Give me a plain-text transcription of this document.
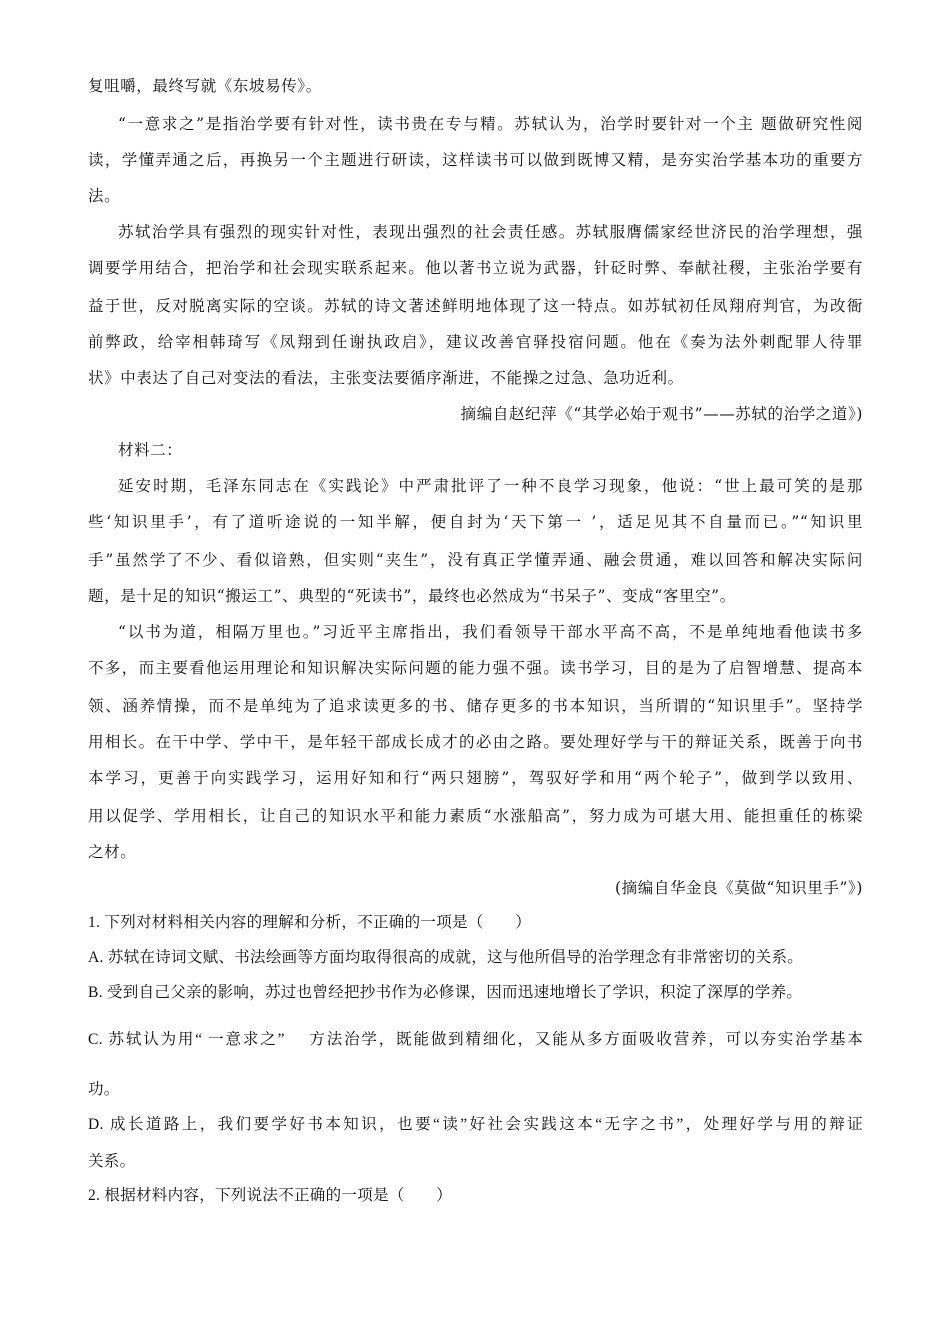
复咀嚼，最终写就《东坡易传》。
“一意求之”是指治学要有针对性，读书贵在专与精。苏轼认为，治学时要针对一个主 题做研究性阅
读，学懂弄通之后，再换另一个主题进行研读，这样读书可以做到既博又精，是夯实治学基本功的重要方
法。
苏轼治学具有强烈的现实针对性，表现出强烈的社会责任感。苏轼服膺儒家经世济民的治学理想，强
调要学用结合，把治学和社会现实联系起来。他以著书立说为武器，针砭时弊、奉献社稷，主张治学要有
益于世，反对脱离实际的空谈。苏轼的诗文著述鲜明地体现了这一特点。如苏轼初任凤翔府判官，为改衙
前弊政，给宰相韩琦写《凤翔到任谢执政启》，建议改善官驿投宿问题。他在《奏为法外刺配罪人待罪
状》中表达了自己对变法的看法，主张变法要循序渐进，不能操之过急、急功近利。
摘编自赵纪萍《“其学必始于观书”——苏轼的治学之道》)
材料二：
延安时期，毛泽东同志在《实践论》中严肃批评了一种不良学习现象，他说：“世上最可笑的是那
些‘知识里手’，有了道听途说的一知半解，便自封为‘天下第一 ’，适足见其不自量而已。”“知识里
手”虽然学了不少、看似谙熟，但实则“夹生”，没有真正学懂弄通、融会贯通，难以回答和解决实际问
题，是十足的知识“搬运工”、典型的“死读书”，最终也必然成为“书呆子”、变成“客里空”。
“以书为道，相隔万里也。”习近平主席指出，我们看领导干部水平高不高，不是单纯地看他读书多
不多，而主要看他运用理论和知识解决实际问题的能力强不强。读书学习，目的是为了启智增慧、提高本
领、涵养情操，而不是单纯为了追求读更多的书、储存更多的书本知识，当所谓的“知识里手”。坚持学
用相长。在干中学、学中干，是年轻干部成长成才的必由之路。要处理好学与干的辩证关系，既善于向书
本学习，更善于向实践学习，运用好知和行“两只翅膀”，驾驭好学和用“两个轮子”，做到学以致用、
用以促学、学用相长，让自己的知识水平和能力素质“水涨船高”，努力成为可堪大用、能担重任的栋梁
之材。
(摘编自华金良《莫做“知识里手”》)
1. 下列对材料相关内容的理解和分析，不正确的一项是（　　）
A. 苏轼在诗词文赋、书法绘画等方面均取得很高的成就，这与他所倡导的治学理念有非常密切的关系。
B. 受到自己父亲的影响，苏过也曾经把抄书作为必修课，因而迅速地增长了学识，积淀了深厚的学养。
C. 苏轼认为用“ 一意求之”　 方法治学，既能做到精细化，又能从多方面吸收营养，可以夯实治学基本
功。
D. 成长道路上，我们要学好书本知识，也要“读”好社会实践这本“无字之书”，处理好学与用的辩证
关系。
2. 根据材料内容，下列说法不正确的一项是（　　）
